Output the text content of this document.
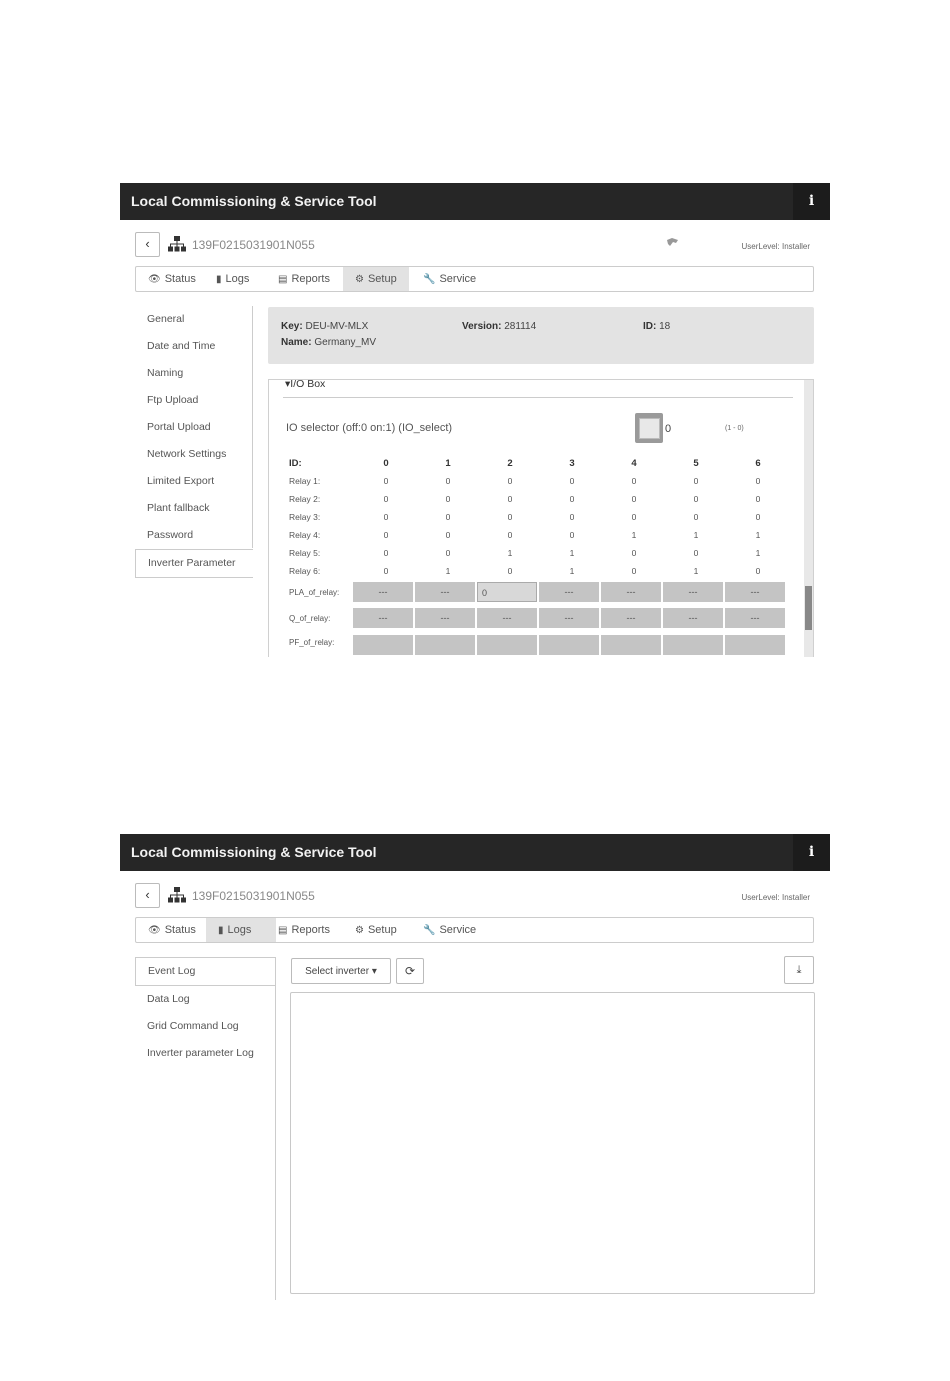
Local Commissioning & Service Tool	i
‹	139F0215031901N055	UserLevel: Installer
👁 Status	▮ Logs	▤ Reports	⚙ Setup	🔧 Service
General
Date and Time
Naming
Ftp Upload
Portal Upload
Network Settings
Limited Export
Plant fallback
Password
Inverter Parameter
Key: DEU-MV-MLX	Version: 281114	ID: 18
Name: Germany_MV
▾I/O Box
IO selector (off:0 on:1) (IO_select)	0	(1 - 0)
ID:	0	1	2	3	4	5	6
Relay 1:	0	0	0	0	0	0	0
Relay 2:	0	0	0	0	0	0	0
Relay 3:	0	0	0	0	0	0	0
Relay 4:	0	0	0	0	1	1	1
Relay 5:	0	0	1	1	0	0	1
Relay 6:	0	1	0	1	0	1	0
PLA_of_relay:	---	---	0	---	---	---	---
Q_of_relay:	---	---	---	---	---	---	---
PF_of_relay:
Local Commissioning & Service Tool	i
‹	139F0215031901N055	UserLevel: Installer
👁 Status	▮ Logs	▤ Reports	⚙ Setup	🔧 Service
Event Log
Data Log
Grid Command Log
Inverter parameter Log
Select inverter ▾	⟳	⤓
